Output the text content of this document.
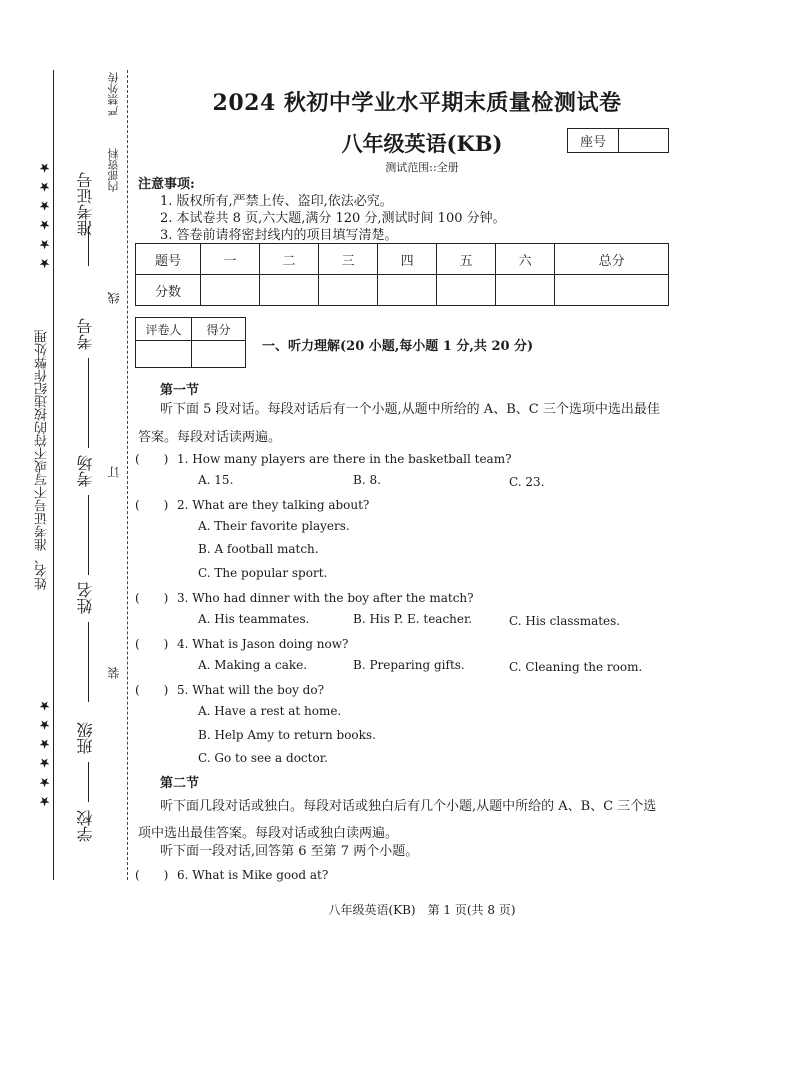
★ ★ ★ ★ ★ ★
★ ★ ★ ★ ★ ★
姓名、准考证号不写或不符的按违纪作弊处理
准考证号
考号
考场
姓名
班级
学校
严禁外传
内部资料
线
订
装
2024 秋初中学业水平期末质量检测试卷
八年级英语(KB)	座号
测试范围::全册
注意事项:
1. 版权所有,严禁上传、盗印,依法必究。
2. 本试卷共 8 页,六大题,满分 120 分,测试时间 100 分钟。
3. 答卷前请将密封线内的项目填写清楚。
题号	一	二	三	四	五	六	总分
分数							
评卷人	得分

一、听力理解(20 小题,每小题 1 分,共 20 分)
第一节
听下面 5 段对话。每段对话后有一个小题,从题中所给的 A、B、C 三个选项中选出最佳
答案。每段对话读两遍。
(　　) 1. How many players are there in the basketball team?
A. 15.	B. 8.	C. 23.
(　　) 2. What are they talking about?
A. Their favorite players.
B. A football match.
C. The popular sport.
(　　) 3. Who had dinner with the boy after the match?
A. His teammates.	B. His P. E. teacher.	C. His classmates.
(　　) 4. What is Jason doing now?
A. Making a cake.	B. Preparing gifts.	C. Cleaning the room.
(　　) 5. What will the boy do?
A. Have a rest at home.
B. Help Amy to return books.
C. Go to see a doctor.
第二节
听下面几段对话或独白。每段对话或独白后有几个小题,从题中所给的 A、B、C 三个选
项中选出最佳答案。每段对话或独白读两遍。
听下面一段对话,回答第 6 至第 7 两个小题。
(　　) 6. What is Mike good at?
八年级英语(KB)　第 1 页(共 8 页)
